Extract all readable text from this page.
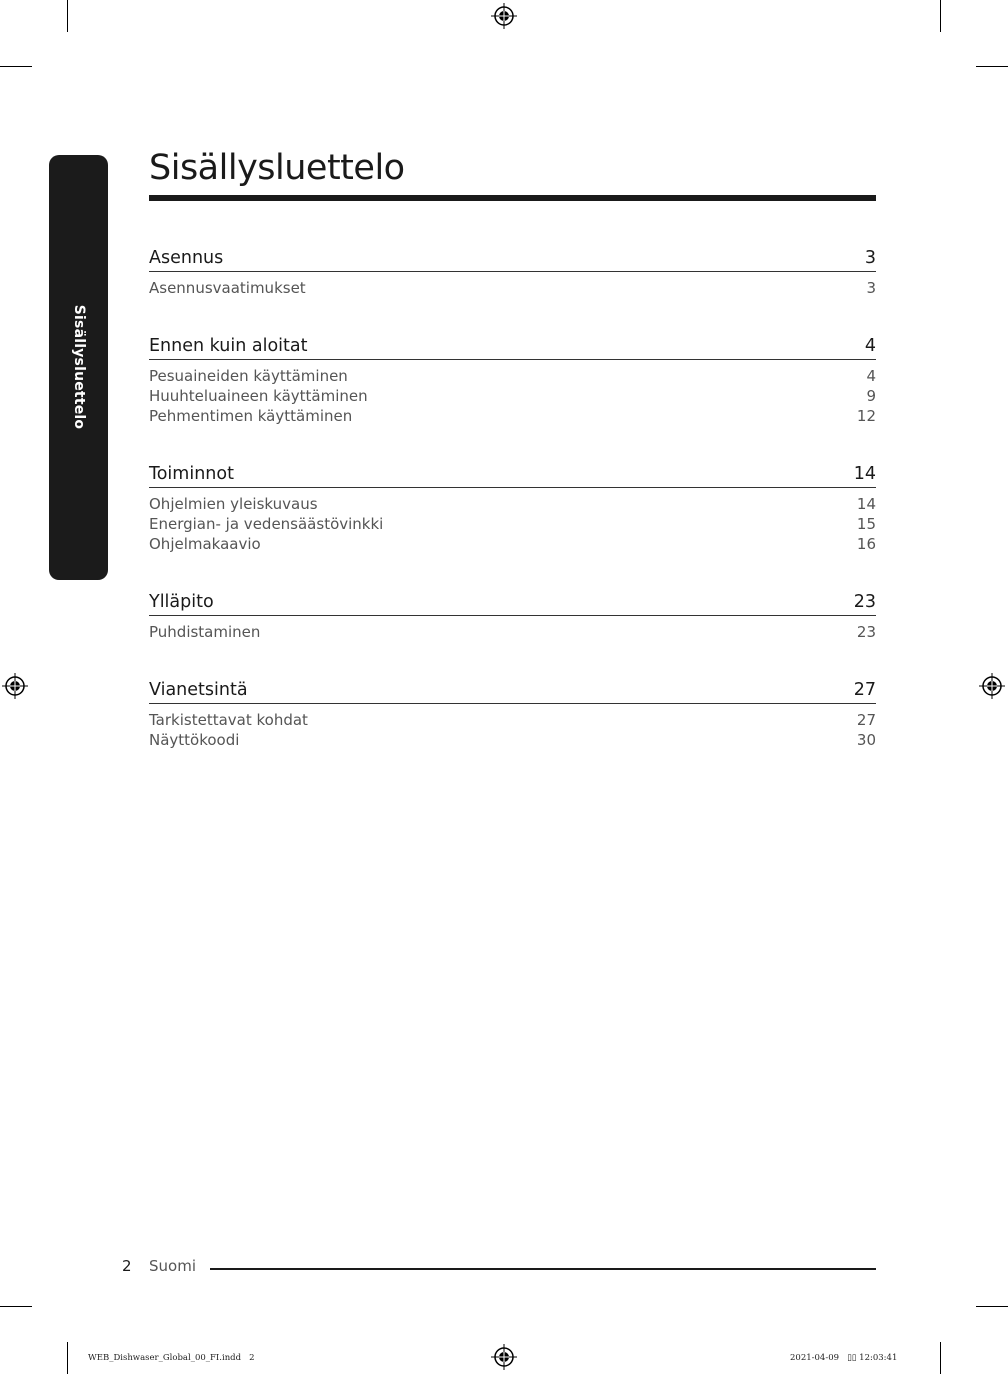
Sisällysluettelo
Sisällysluettelo
Asennus	3
Asennusvaatimukset	3
Ennen kuin aloitat	4
Pesuaineiden käyttäminen	4
Huuhteluaineen käyttäminen	9
Pehmentimen käyttäminen	12
Toiminnot	14
Ohjelmien yleiskuvaus	14
Energian- ja vedensäästövinkki	15
Ohjelmakaavio	16
Ylläpito	23
Puhdistaminen	23
Vianetsintä	27
Tarkistettavat kohdat	27
Näyttökoodi	30
2 Suomi
WEB_Dishwaser_Global_00_FI.indd   2	2021-04-09   ▯▯ 12:03:41
